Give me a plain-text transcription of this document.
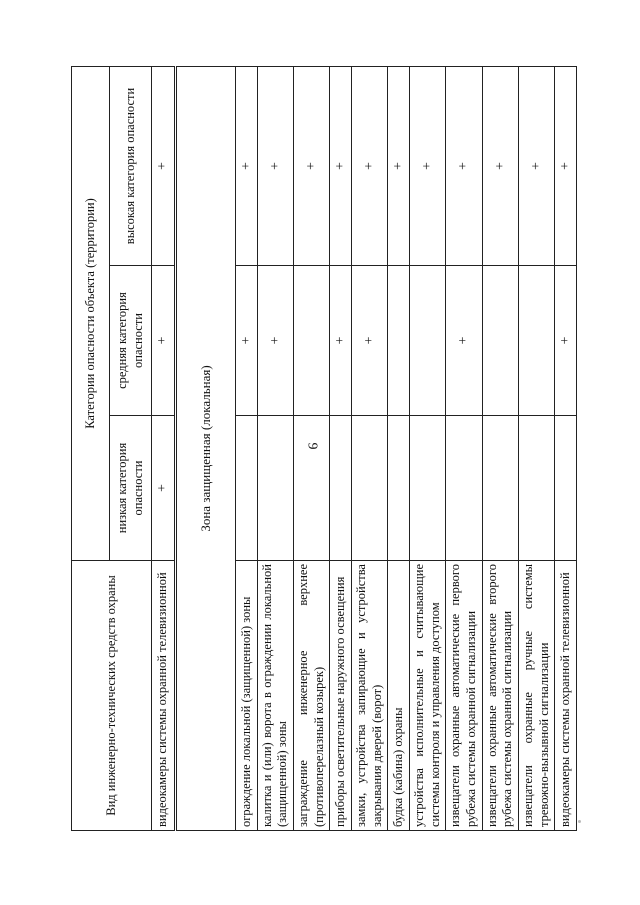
9
Вид инженерно-технических средств охраны	Категории опасности объекта (территории)		
	низкая категория опасности	средняя категория опасности	высокая категория опасности
видеокамеры системы охранной телевизионной	+	+	+
Зона защищенная (локальная)			
ограждение локальной (защищенной) зоны		+	+
калитка и (или) ворота в ограждении локальной (защищенной) зоны		+	+
заграждение инженерное верхнее (противоперелазный козырек)			+
приборы осветительные наружного освещения		+	+
замки, устройства запирающие и устройства закрывания дверей (ворот)		+	+
будка (кабина) охраны			+
устройства исполнительные и считывающие системы контроля и управления доступом			+
извещатели охранные автоматические первого рубежа системы охранной сигнализации		+	+
извещатели охранные автоматические второго рубежа системы охранной сигнализации			+
извещатели охранные ручные системы тревожно-вызывной сигнализации			+
видеокамеры системы охранной телевизионной		+	+
